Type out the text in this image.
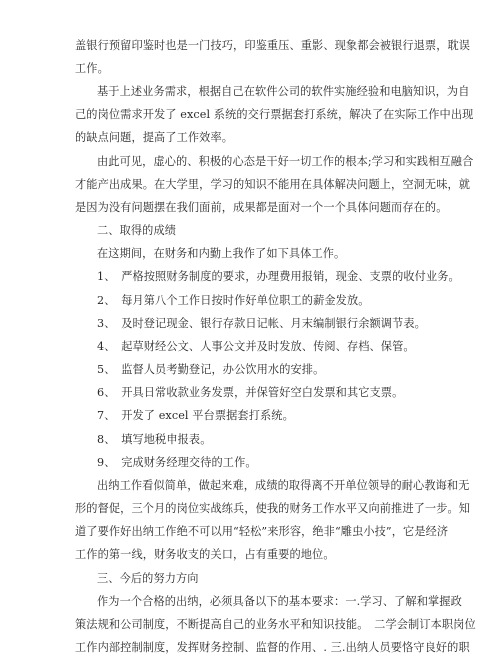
盖银行预留印鉴时也是一门技巧，印鉴重压、重影、现象都会被银行退票，耽误
工作。
基于上述业务需求，根据自己在软件公司的软件实施经验和电脑知识，为自
己的岗位需求开发了 excel 系统的交行票据套打系统，解决了在实际工作中出现
的缺点问题，提高了工作效率。
由此可见，虚心的、积极的心态是干好一切工作的根本;学习和实践相互融合
才能产出成果。在大学里，学习的知识不能用在具体解决问题上，空洞无味，就
是因为没有问题摆在我们面前，成果都是面对一个一个具体问题而存在的。
二、取得的成绩
在这期间，在财务和内勤上我作了如下具体工作。
1、　严格按照财务制度的要求，办理费用报销，现金、支票的收付业务。
2、　每月第八个工作日按时作好单位职工的薪金发放。
3、　及时登记现金、银行存款日记帐、月末编制银行余额调节表。
4、　起草财经公文、人事公文并及时发放、传阅、存档、保管。
5、　监督人员考勤登记，办公饮用水的安排。
6、　开具日常收款业务发票，并保管好空白发票和其它支票。
7、　开发了 excel 平台票据套打系统。
8、　填写地税申报表。
9、　完成财务经理交待的工作。
出纳工作看似简单，做起来难，成绩的取得离不开单位领导的耐心教诲和无
形的督促，三个月的岗位实战练兵，使我的财务工作水平又向前推进了一步。知
道了要作好出纳工作绝不可以用“轻松”来形容，绝非“雕虫小技”，它是经济
工作的第一线，财务收支的关口，占有重要的地位。
三、今后的努力方向
作为一个合格的出纳，必须具备以下的基本要求：一.学习、了解和掌握政
策法规和公司制度，不断提高自己的业务水平和知识技能。　二学会制订本职岗位
工作内部控制制度，发挥财务控制、监督的作用、. 三.出纳人员要恪守良好的职
